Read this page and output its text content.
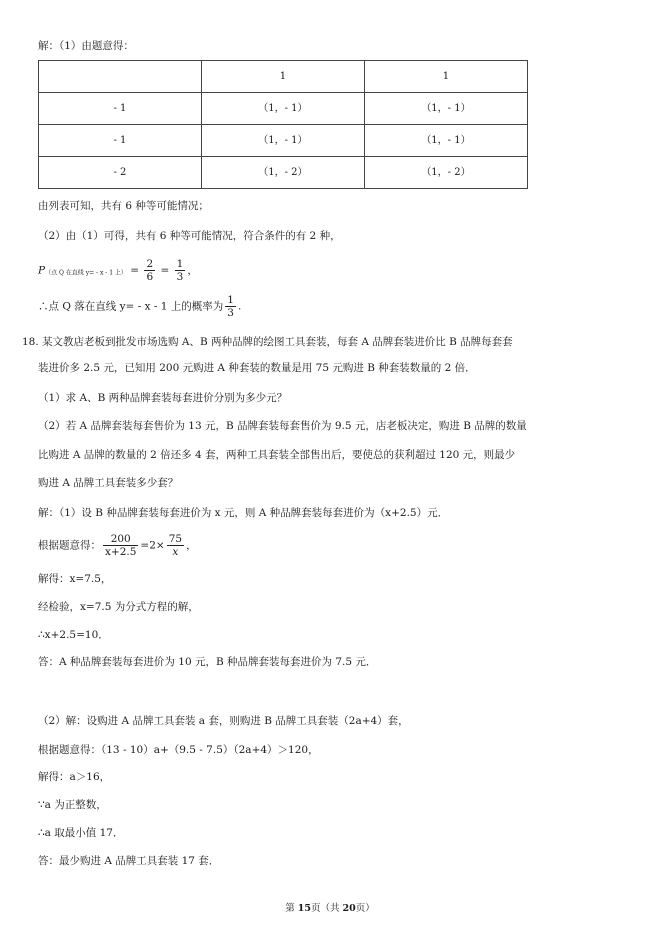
解：（1）由题意得：
	1	1
- 1	（1，- 1）	（1，- 1）
- 1	（1，- 1）	（1，- 1）
- 2	（1，- 2）	（1，- 2）
由列表可知，共有 6 种等可能情况；
（2）由（1）可得，共有 6 种等可能情况，符合条件的有 2 种，
P（点 Q 在直线 y= - x - 1 上） = $\frac{2}{6} = \frac{1}{3}$ ，
∴点 Q 落在直线 y= - x - 1 上的概率为 $\frac{1}{3}$ .
18. 某文教店老板到批发市场选购 A、B 两种品牌的绘图工具套装，每套 A 品牌套装进价比 B 品牌每套套
装进价多 2.5 元，已知用 200 元购进 A 种套装的数量是用 75 元购进 B 种套装数量的 2 倍．
（1）求 A、B 两种品牌套装每套进价分别为多少元？
（2）若 A 品牌套装每套售价为 13 元，B 品牌套装每套售价为 9.5 元，店老板决定，购进 B 品牌的数量
比购进 A 品牌的数量的 2 倍还多 4 套，两种工具套装全部售出后，要使总的获利超过 120 元，则最少
购进 A 品牌工具套装多少套？
解：（1）设 B 种品牌套装每套进价为 x 元，则 A 种品牌套装每套进价为（x+2.5）元．
根据题意得： $\frac{200}{x+2.5} =2\times \frac{75}{x}$ ，
解得：x=7.5，
经检验，x=7.5 为分式方程的解，
∴x+2.5=10．
答：A 种品牌套装每套进价为 10 元，B 种品牌套装每套进价为 7.5 元．
（2）解：设购进 A 品牌工具套装 a 套，则购进 B 品牌工具套装（2a+4）套，
根据题意得：（13 - 10）a+（9.5 - 7.5）（2a+4）＞120，
解得：a＞16，
∵a 为正整数，
∴a 取最小值 17．
答：最少购进 A 品牌工具套装 17 套．
第 15页（共 20页）
